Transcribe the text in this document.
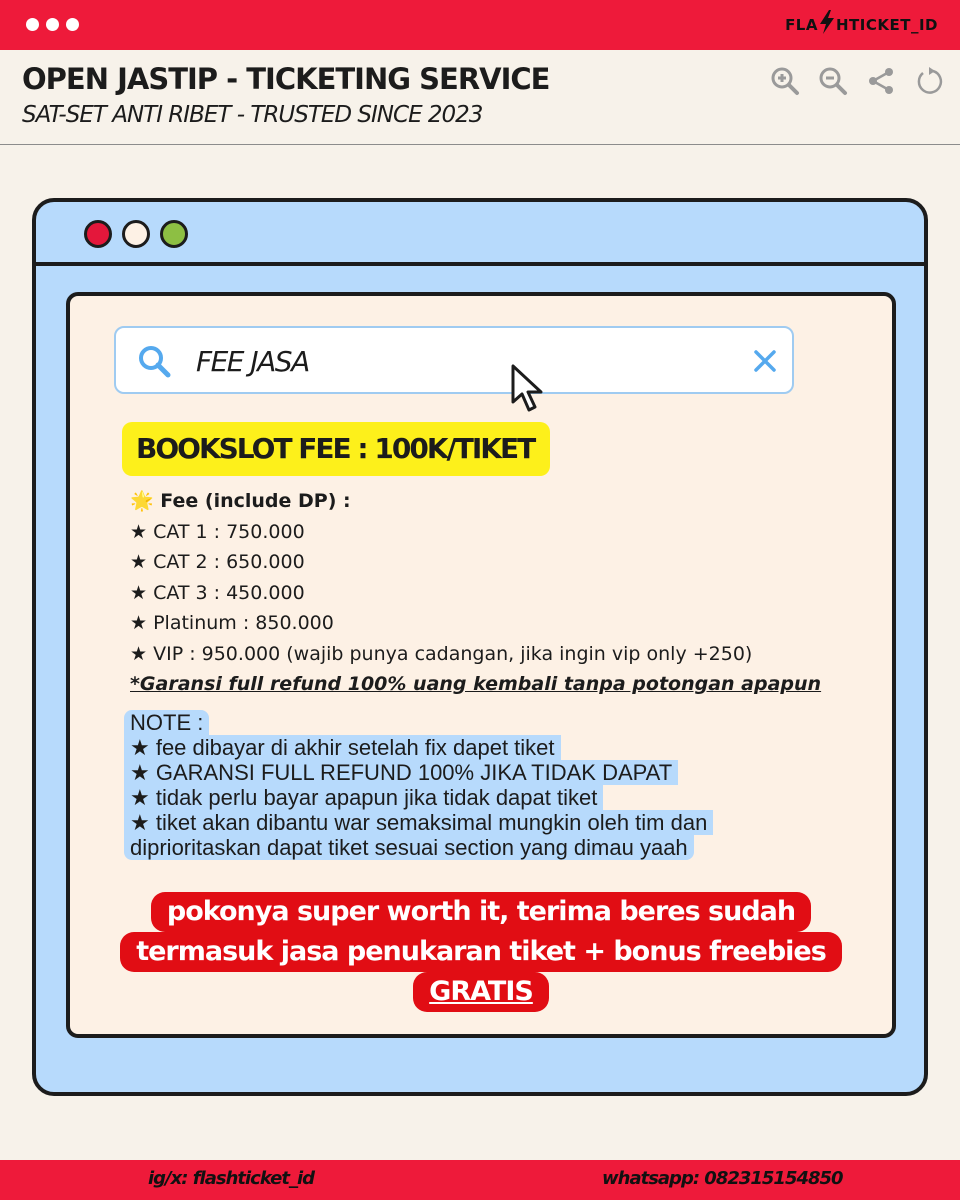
FLA HTICKET_ID
OPEN JASTIP - TICKETING SERVICE
SAT-SET ANTI RIBET - TRUSTED SINCE 2023
FEE JASA
BOOKSLOT FEE : 100K/TIKET
🌟 Fee (include DP) :
★ CAT 1 : 750.000
★ CAT 2 : 650.000
★ CAT 3 : 450.000
★ Platinum : 850.000
★ VIP : 950.000 (wajib punya cadangan, jika ingin vip only +250)
*Garansi full refund 100% uang kembali tanpa potongan apapun
NOTE :
★ fee dibayar di akhir setelah fix dapet tiket
★ GARANSI FULL REFUND 100% JIKA TIDAK DAPAT
★ tidak perlu bayar apapun jika tidak dapat tiket
★ tiket akan dibantu war semaksimal mungkin oleh tim dan
diprioritaskan dapat tiket sesuai section yang dimau yaah
pokonya super worth it, terima beres sudah
termasuk jasa penukaran tiket + bonus freebies
GRATIS
ig/x: flashticket_id	whatsapp: 082315154850
